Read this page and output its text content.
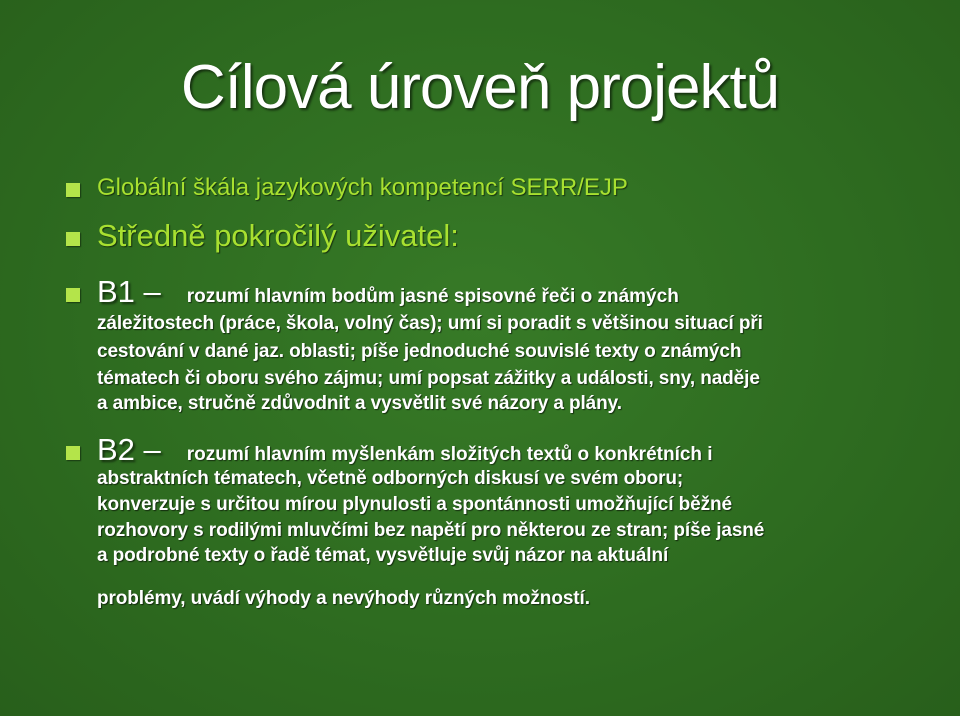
Cílová úroveň projektů
Globální škála jazykových kompetencí SERR/EJP
Středně pokročilý uživatel:
B1 – rozumí hlavním bodům jasné spisovné řeči o známých
záležitostech (práce, škola, volný čas); umí si poradit s většinou situací při
cestování v dané jaz. oblasti; píše jednoduché souvislé texty o známých
tématech či oboru svého zájmu; umí popsat zážitky a události, sny, naděje
a ambice, stručně zdůvodnit a vysvětlit své názory a plány.
B2 – rozumí hlavním myšlenkám složitých textů o konkrétních i
abstraktních tématech, včetně odborných diskusí ve svém oboru;
konverzuje s určitou mírou plynulosti a spontánnosti umožňující běžné
rozhovory s rodilými mluvčími bez napětí pro některou ze stran; píše jasné
a podrobné texty o řadě témat, vysvětluje svůj názor na aktuální
problémy, uvádí výhody a nevýhody různých možností.
